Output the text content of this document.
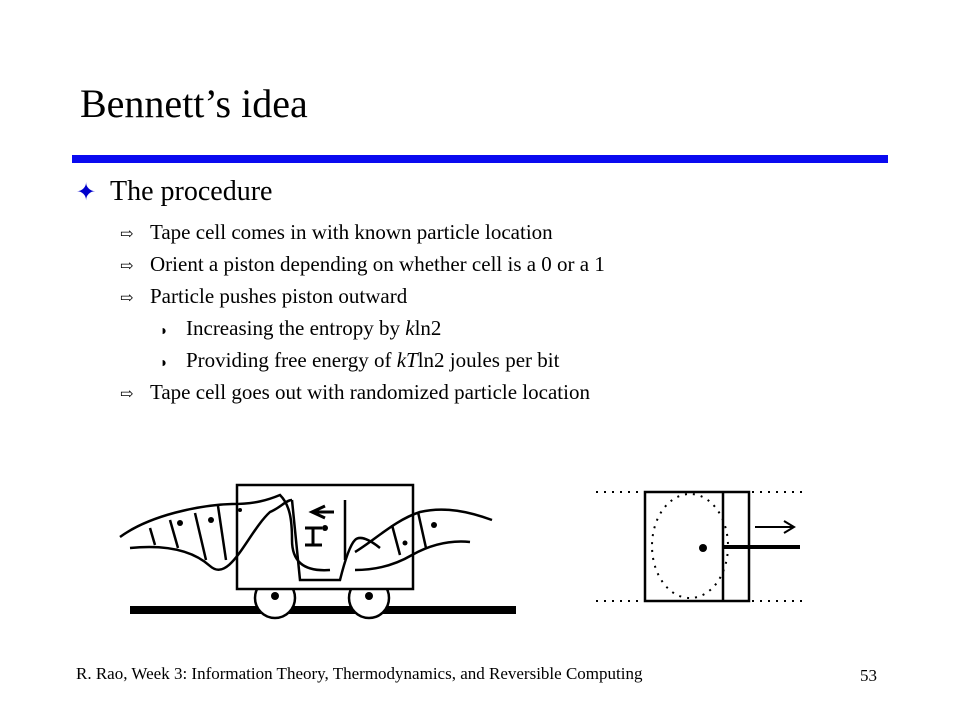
Bennett’s idea
✦ The procedure
⇨ Tape cell comes in with known particle location
⇨ Orient a piston depending on whether cell is a 0 or a 1
⇨ Particle pushes piston outward
◗ Increasing the entropy by kln2
◗ Providing free energy of kTln2 joules per bit
⇨ Tape cell goes out with randomized particle location
R. Rao, Week 3: Information Theory, Thermodynamics, and Reversible Computing	53
